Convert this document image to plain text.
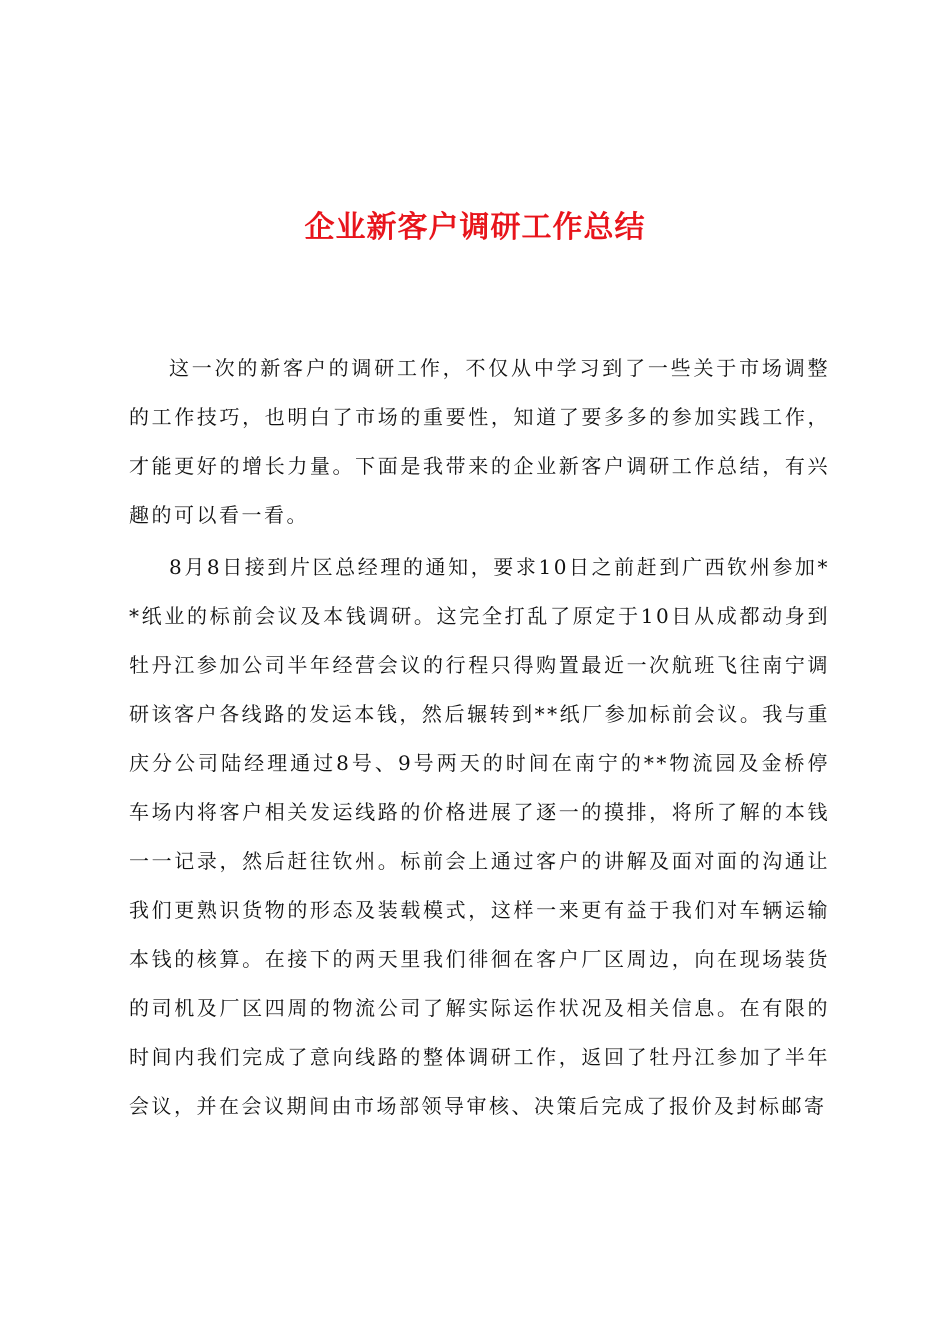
企业新客户调研工作总结

这一次的新客户的调研工作，不仅从中学习到了一些关于市场调整的工作技巧，也明白了市场的重要性，知道了要多多的参加实践工作，才能更好的增长力量。下面是我带来的企业新客户调研工作总结，有兴趣的可以看一看。

8月8日接到片区总经理的通知，要求10日之前赶到广西钦州参加**纸业的标前会议及本钱调研。这完全打乱了原定于10日从成都动身到牡丹江参加公司半年经营会议的行程只得购置最近一次航班飞往南宁调研该客户各线路的发运本钱，然后辗转到**纸厂参加标前会议。我与重庆分公司陆经理通过8号、9号两天的时间在南宁的**物流园及金桥停车场内将客户相关发运线路的价格进展了逐一的摸排，将所了解的本钱一一记录，然后赶往钦州。标前会上通过客户的讲解及面对面的沟通让我们更熟识货物的形态及装载模式，这样一来更有益于我们对车辆运输本钱的核算。在接下的两天里我们徘徊在客户厂区周边，向在现场装货的司机及厂区四周的物流公司了解实际运作状况及相关信息。在有限的时间内我们完成了意向线路的整体调研工作，返回了牡丹江参加了半年会议，并在会议期间由市场部领导审核、决策后完成了报价及封标邮寄
